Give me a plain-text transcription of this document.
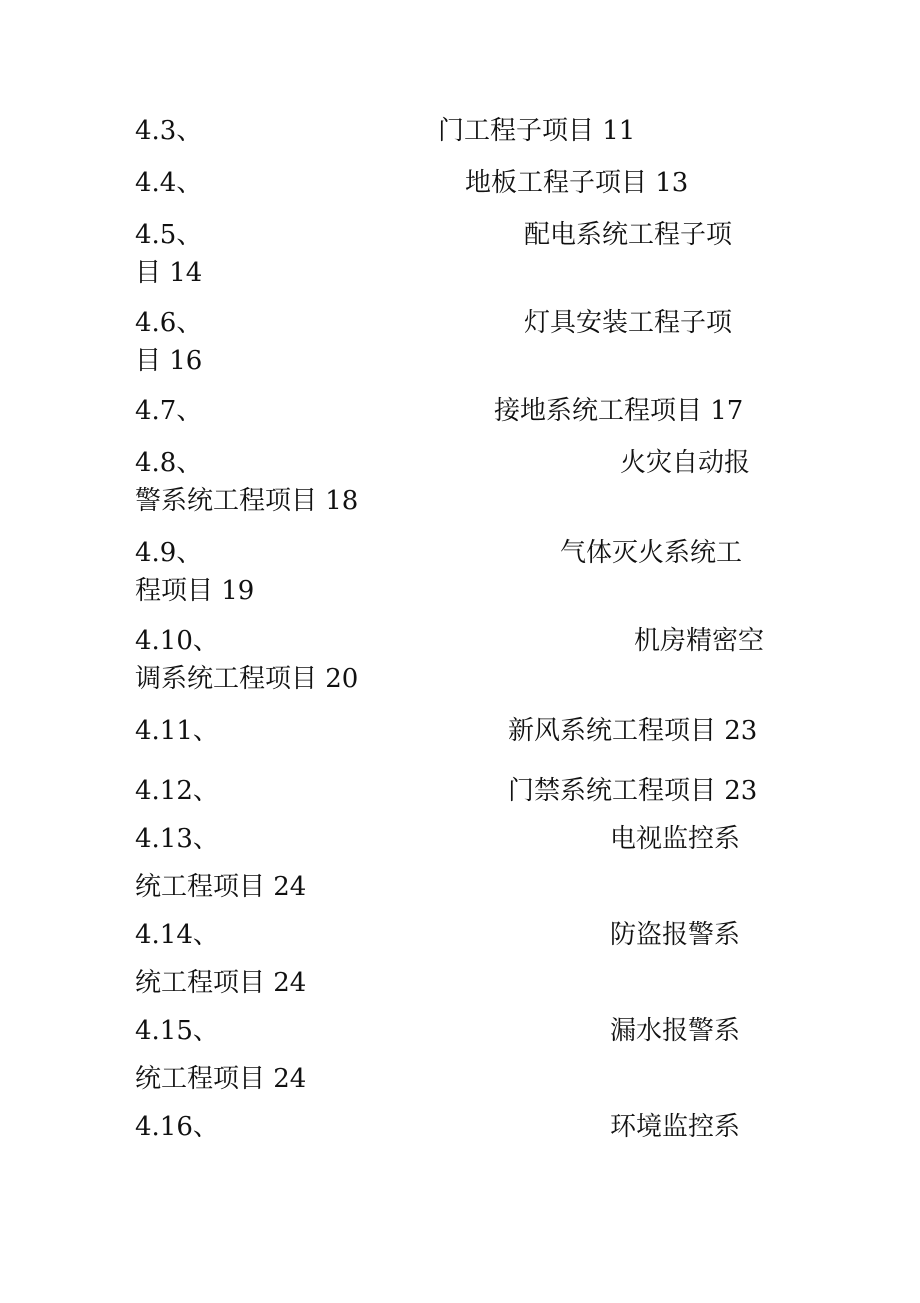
4.3、	门工程子项目 11
4.4、	地板工程子项目 13
4.5、	配电系统工程子项
目 14
4.6、	灯具安装工程子项
目 16
4.7、	接地系统工程项目 17
4.8、	火灾自动报
警系统工程项目 18
4.9、	气体灭火系统工
程项目 19
4.10、	机房精密空
调系统工程项目 20
4.11、	新风系统工程项目 23
4.12、	门禁系统工程项目 23
4.13、	电视监控系
统工程项目 24
4.14、	防盗报警系
统工程项目 24
4.15、	漏水报警系
统工程项目 24
4.16、	环境监控系
